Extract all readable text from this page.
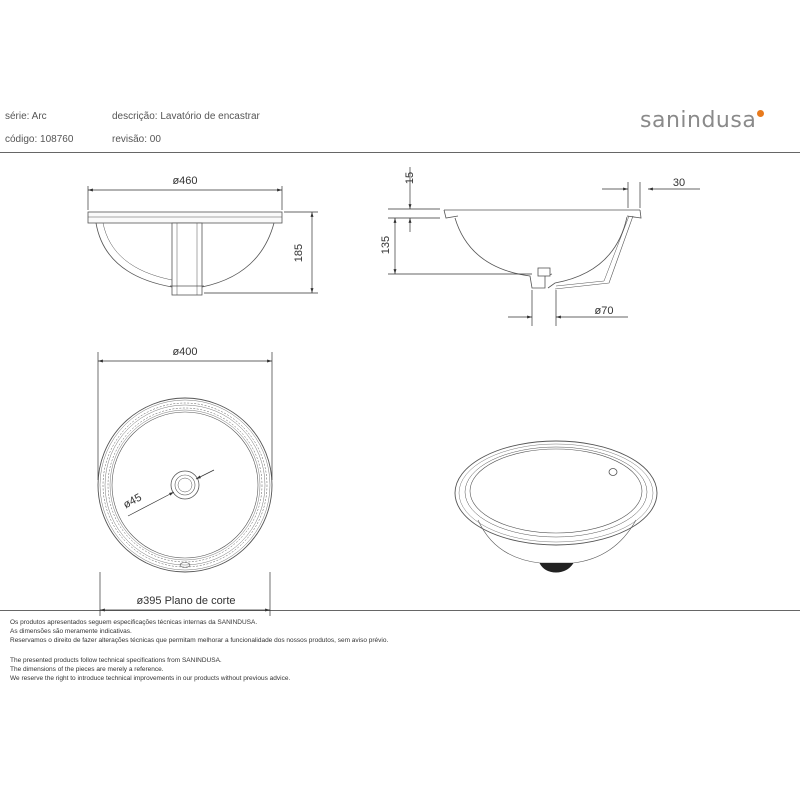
série: Arc
código: 108760
descrição: Lavatório de encastrar
revisão: 00
sanindusa
ø460
185
15
135
30
ø70
ø400
ø45
ø395 Plano de corte
Os produtos apresentados seguem especificações técnicas internas da SANINDUSA.
As dimensões são meramente indicativas.
Reservamos o direito de fazer alterações técnicas que permitam melhorar a funcionalidade dos nossos produtos, sem aviso prévio.
The presented products follow technical specifications from SANINDUSA.
The dimensions of the pieces are merely a reference.
We reserve the right to introduce technical improvements in our products without previous advice.
